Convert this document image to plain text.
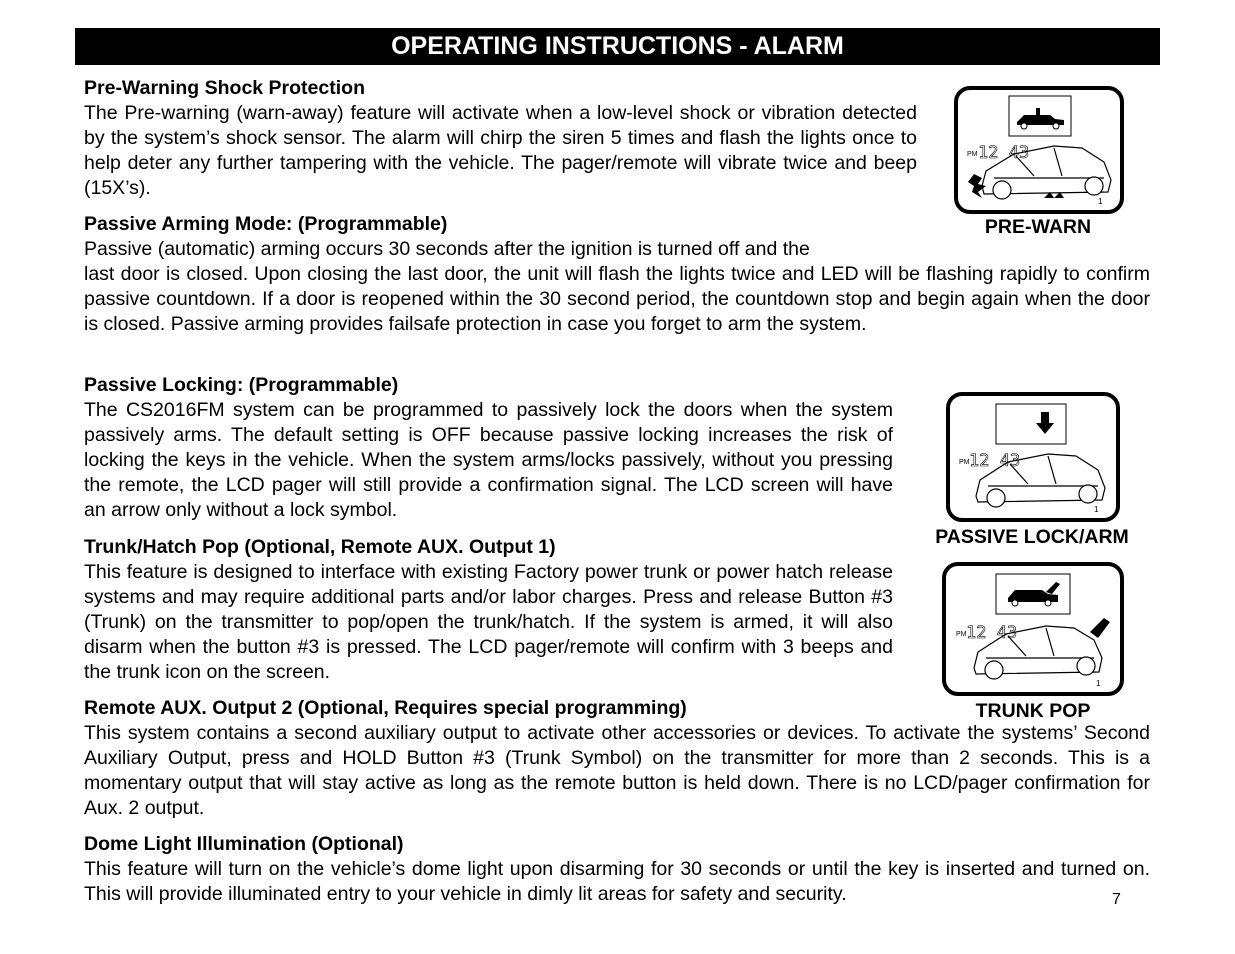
OPERATING INSTRUCTIONS - ALARM

Pre-Warning Shock Protection

The Pre-warning (warn-away) feature will activate when a low-level shock or vibration detected by the system’s shock sensor. The alarm will chirp the siren 5 times and flash the lights once to help deter any further tampering with the vehicle. The pager/remote will vibrate twice and beep (15X’s).

Passive Arming Mode: (Programmable)

Passive (automatic) arming occurs 30 seconds after the ignition is turned off and the

last door is closed. Upon closing the last door, the unit will flash the lights twice and LED will be flashing rapidly to confirm passive countdown. If a door is reopened within the 30 second period, the countdown stop and begin again when the door is closed. Passive arming provides failsafe protection in case you forget to arm the system.

Passive Locking: (Programmable)

The CS2016FM system can be programmed to passively lock the doors when the system passively arms. The default setting is OFF because passive locking increases the risk of locking the keys in the vehicle. When the system arms/locks passively, without you pressing the remote, the LCD pager will still provide a confirmation signal. The LCD screen will have an arrow only without a lock symbol.

Trunk/Hatch Pop (Optional, Remote AUX. Output 1)

This feature is designed to interface with existing Factory power trunk or power hatch release systems and may require additional parts and/or labor charges. Press and release Button #3 (Trunk) on the transmitter to pop/open the trunk/hatch. If the system is armed, it will also disarm when the button #3 is pressed. The LCD pager/remote will confirm with 3 beeps and the trunk icon on the screen.

Remote AUX. Output 2 (Optional, Requires special programming)

This system contains a second auxiliary output to activate other accessories or devices. To activate the systems’ Second Auxiliary Output, press and HOLD Button #3 (Trunk Symbol) on the transmitter for more than 2 seconds. This is a momentary output that will stay active as long as the remote button is held down. There is no LCD/pager confirmation for Aux. 2 output.

Dome Light Illumination (Optional)

This feature will turn on the vehicle’s dome light upon disarming for 30 seconds or until the key is inserted and turned on. This will provide illuminated entry to your vehicle in dimly lit areas for safety and security.	7
PM 12 43
1
PRE-WARN
PM 12 43
1
PASSIVE LOCK/ARM
PM 12 43
1
TRUNK POP
